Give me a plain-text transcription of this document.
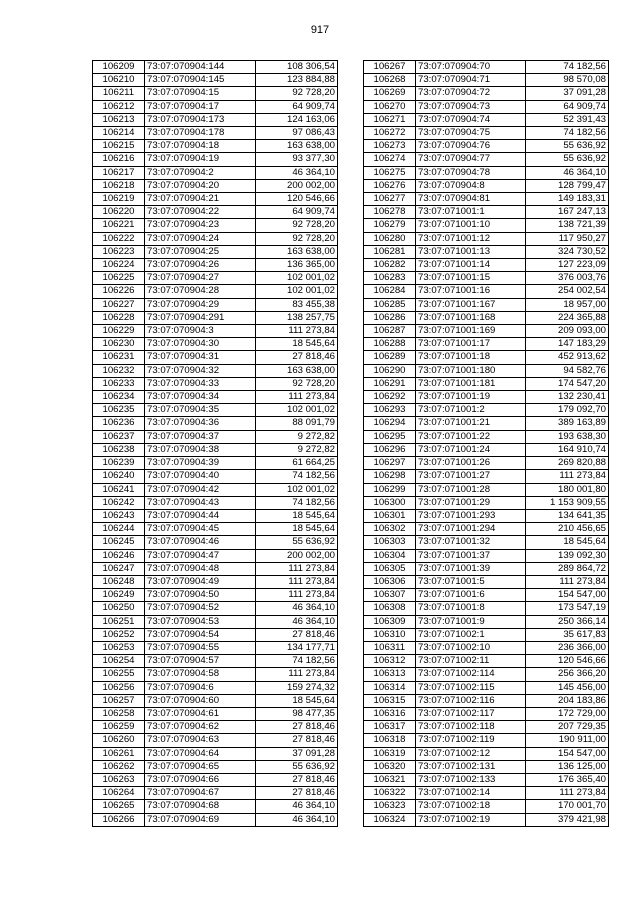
917
106209	73:07:070904:144	108 306,54
106210	73:07:070904:145	123 884,88
106211	73:07:070904:15	92 728,20
106212	73:07:070904:17	64 909,74
106213	73:07:070904:173	124 163,06
106214	73:07:070904:178	97 086,43
106215	73:07:070904:18	163 638,00
106216	73:07:070904:19	93 377,30
106217	73:07:070904:2	46 364,10
106218	73:07:070904:20	200 002,00
106219	73:07:070904:21	120 546,66
106220	73:07:070904:22	64 909,74
106221	73:07:070904:23	92 728,20
106222	73:07:070904:24	92 728,20
106223	73:07:070904:25	163 638,00
106224	73:07:070904:26	136 365,00
106225	73:07:070904:27	102 001,02
106226	73:07:070904:28	102 001,02
106227	73:07:070904:29	83 455,38
106228	73:07:070904:291	138 257,75
106229	73:07:070904:3	111 273,84
106230	73:07:070904:30	18 545,64
106231	73:07:070904:31	27 818,46
106232	73:07:070904:32	163 638,00
106233	73:07:070904:33	92 728,20
106234	73:07:070904:34	111 273,84
106235	73:07:070904:35	102 001,02
106236	73:07:070904:36	88 091,79
106237	73:07:070904:37	9 272,82
106238	73:07:070904:38	9 272,82
106239	73:07:070904:39	61 664,25
106240	73:07:070904:40	74 182,56
106241	73:07:070904:42	102 001,02
106242	73:07:070904:43	74 182,56
106243	73:07:070904:44	18 545,64
106244	73:07:070904:45	18 545,64
106245	73:07:070904:46	55 636,92
106246	73:07:070904:47	200 002,00
106247	73:07:070904:48	111 273,84
106248	73:07:070904:49	111 273,84
106249	73:07:070904:50	111 273,84
106250	73:07:070904:52	46 364,10
106251	73:07:070904:53	46 364,10
106252	73:07:070904:54	27 818,46
106253	73:07:070904:55	134 177,71
106254	73:07:070904:57	74 182,56
106255	73:07:070904:58	111 273,84
106256	73:07:070904:6	159 274,32
106257	73:07:070904:60	18 545,64
106258	73:07:070904:61	98 477,35
106259	73:07:070904:62	27 818,46
106260	73:07:070904:63	27 818,46
106261	73:07:070904:64	37 091,28
106262	73:07:070904:65	55 636,92
106263	73:07:070904:66	27 818,46
106264	73:07:070904:67	27 818,46
106265	73:07:070904:68	46 364,10
106266	73:07:070904:69	46 364,10
106267	73:07:070904:70	74 182,56
106268	73:07:070904:71	98 570,08
106269	73:07:070904:72	37 091,28
106270	73:07:070904:73	64 909,74
106271	73:07:070904:74	52 391,43
106272	73:07:070904:75	74 182,56
106273	73:07:070904:76	55 636,92
106274	73:07:070904:77	55 636,92
106275	73:07:070904:78	46 364,10
106276	73:07:070904:8	128 799,47
106277	73:07:070904:81	149 183,31
106278	73:07:071001:1	167 247,13
106279	73:07:071001:10	138 721,39
106280	73:07:071001:12	117 950,27
106281	73:07:071001:13	324 730,52
106282	73:07:071001:14	127 223,09
106283	73:07:071001:15	376 003,76
106284	73:07:071001:16	254 002,54
106285	73:07:071001:167	18 957,00
106286	73:07:071001:168	224 365,88
106287	73:07:071001:169	209 093,00
106288	73:07:071001:17	147 183,29
106289	73:07:071001:18	452 913,62
106290	73:07:071001:180	94 582,76
106291	73:07:071001:181	174 547,20
106292	73:07:071001:19	132 230,41
106293	73:07:071001:2	179 092,70
106294	73:07:071001:21	389 163,89
106295	73:07:071001:22	193 638,30
106296	73:07:071001:24	164 910,74
106297	73:07:071001:26	269 820,88
106298	73:07:071001:27	111 273,84
106299	73:07:071001:28	180 001,80
106300	73:07:071001:29	1 153 909,55
106301	73:07:071001:293	134 641,35
106302	73:07:071001:294	210 456,65
106303	73:07:071001:32	18 545,64
106304	73:07:071001:37	139 092,30
106305	73:07:071001:39	289 864,72
106306	73:07:071001:5	111 273,84
106307	73:07:071001:6	154 547,00
106308	73:07:071001:8	173 547,19
106309	73:07:071001:9	250 366,14
106310	73:07:071002:1	35 617,83
106311	73:07:071002:10	236 366,00
106312	73:07:071002:11	120 546,66
106313	73:07:071002:114	256 366,20
106314	73:07:071002:115	145 456,00
106315	73:07:071002:116	204 183,86
106316	73:07:071002:117	172 729,00
106317	73:07:071002:118	207 729,35
106318	73:07:071002:119	190 911,00
106319	73:07:071002:12	154 547,00
106320	73:07:071002:131	136 125,00
106321	73:07:071002:133	176 365,40
106322	73:07:071002:14	111 273,84
106323	73:07:071002:18	170 001,70
106324	73:07:071002:19	379 421,98
